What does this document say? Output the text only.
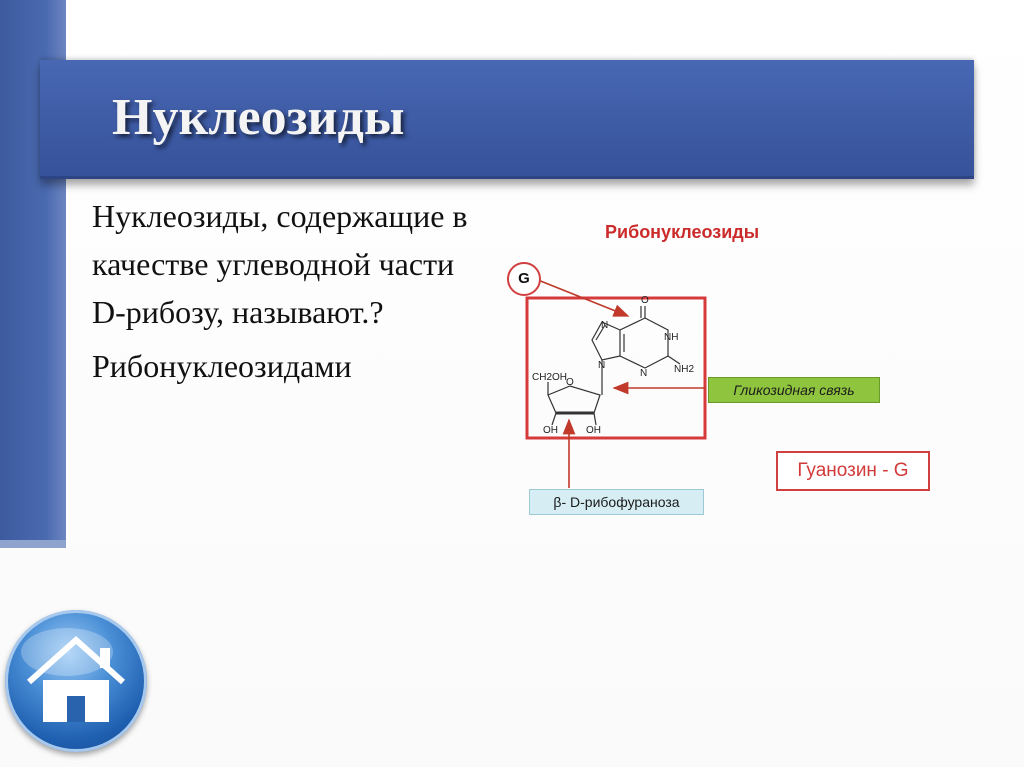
Нуклеозиды

Нуклеозиды, содержащие в качестве углеводной части D-рибозу, называют.?

Рибонуклеозидами

Рибонуклеозиды
O
NH
NH2
N
N
N
CH2OH
O
OH	OH
G
Гликозидная связь
Гуанозин - G
β- D-рибофураноза
